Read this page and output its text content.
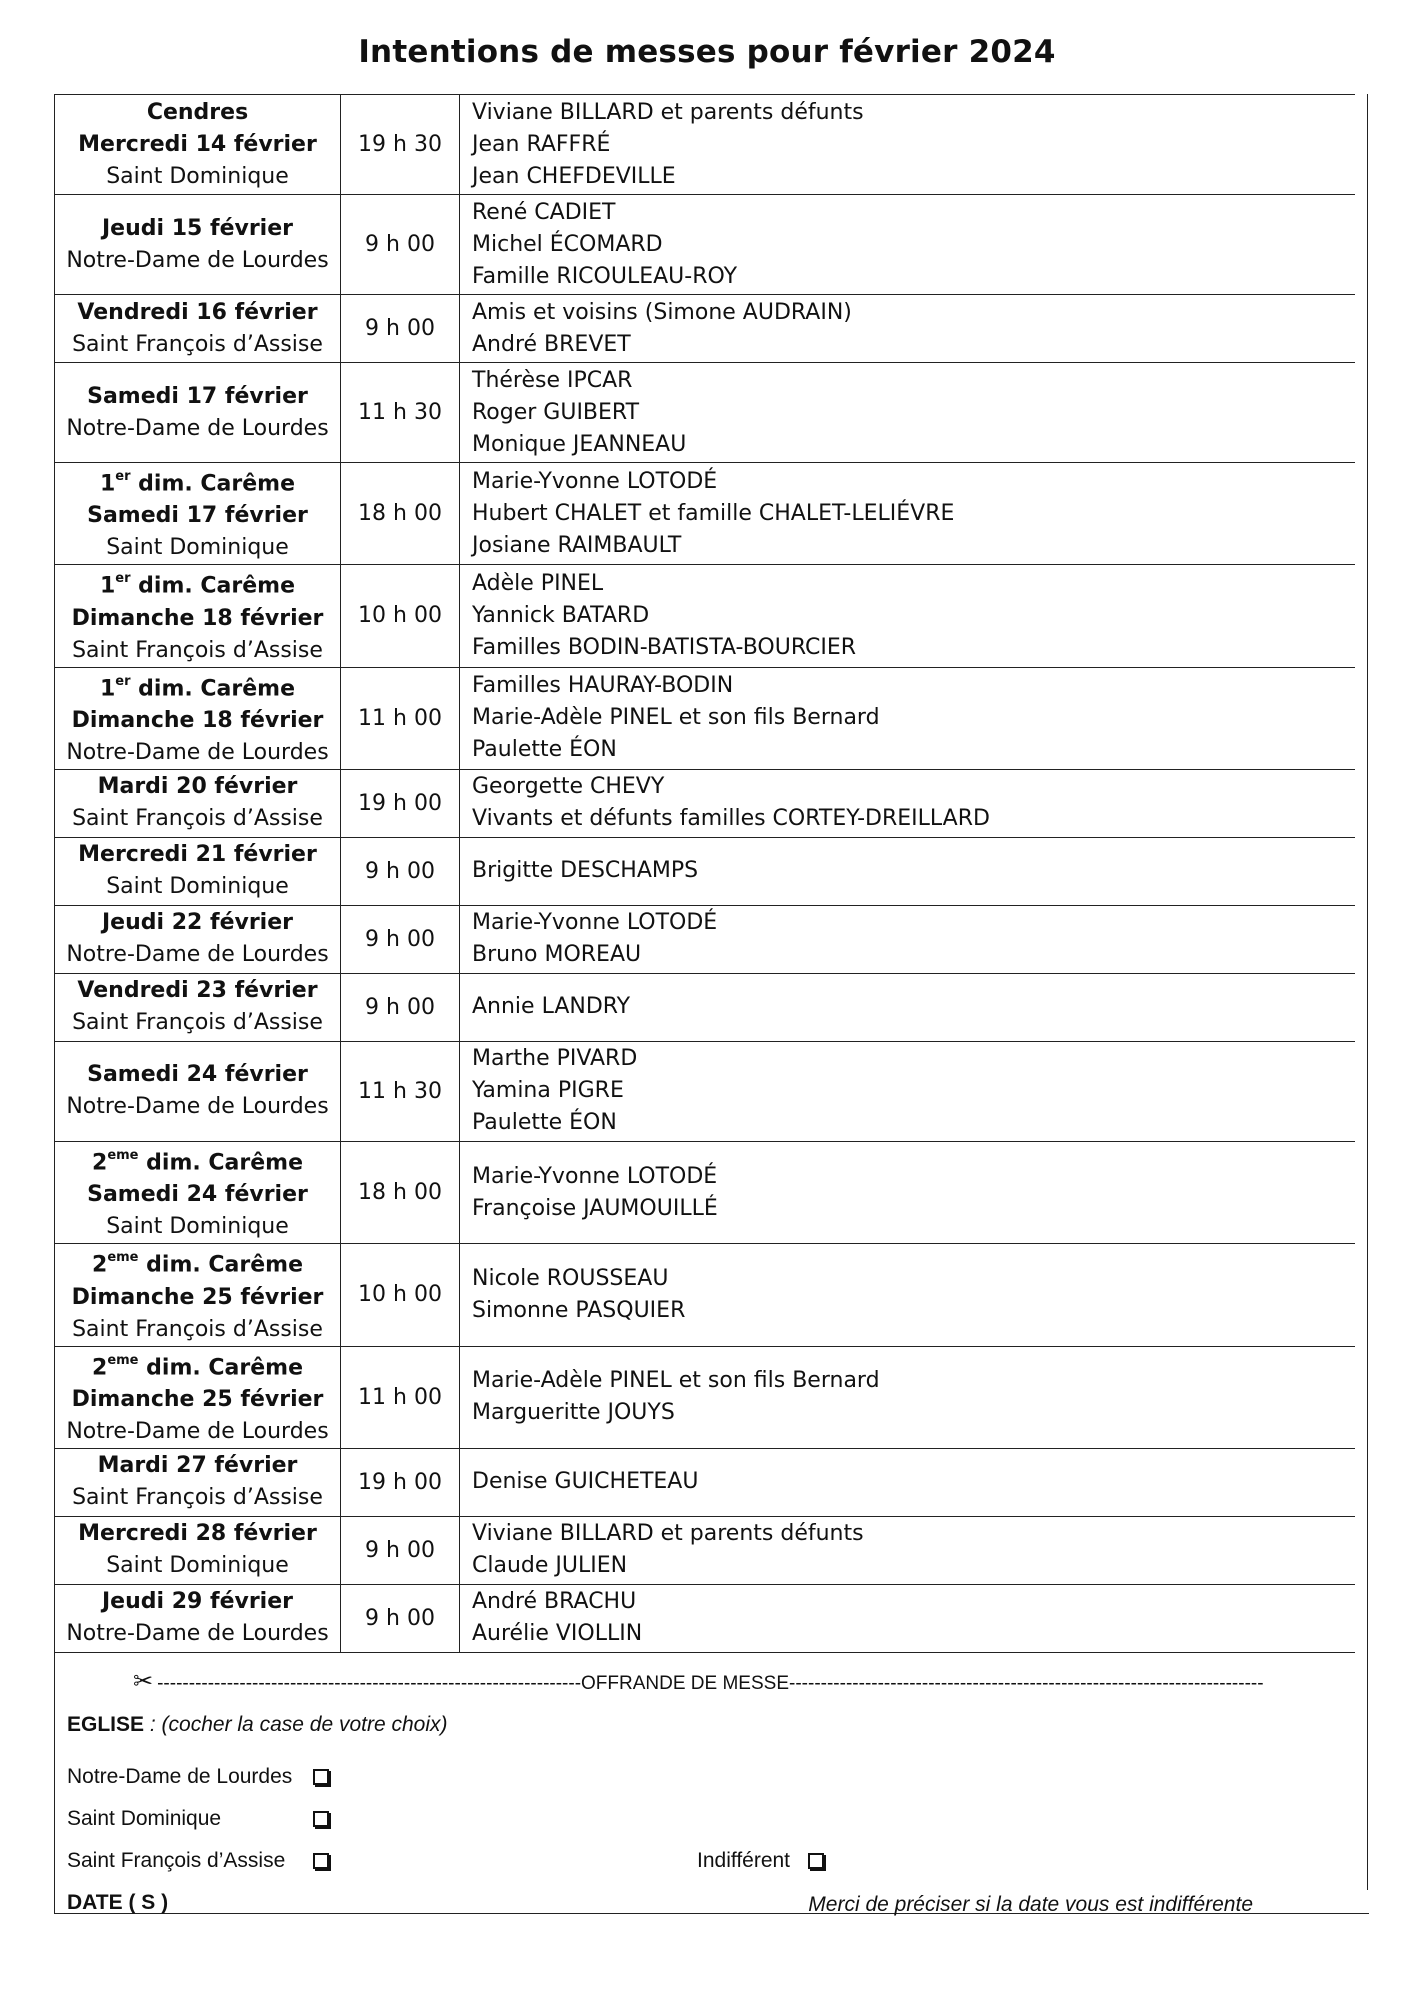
Intentions de messes pour février 2024
Cendres
Mercredi 14 février
Saint Dominique	19 h 30	Viviane BILLARD et parents défunts
Jean RAFFRÉ
Jean CHEFDEVILLE

Jeudi 15 février
Notre-Dame de Lourdes	9 h 00	René CADIET
Michel ÉCOMARD
Famille RICOULEAU-ROY

Vendredi 16 février
Saint François d’Assise	9 h 00	Amis et voisins (Simone AUDRAIN)
André BREVET

Samedi 17 février
Notre-Dame de Lourdes	11 h 30	Thérèse IPCAR
Roger GUIBERT
Monique JEANNEAU

1er dim. Carême
Samedi 17 février
Saint Dominique	18 h 00	Marie-Yvonne LOTODÉ
Hubert CHALET et famille CHALET-LELIÉVRE
Josiane RAIMBAULT

1er dim. Carême
Dimanche 18 février
Saint François d’Assise	10 h 00	Adèle PINEL
Yannick BATARD
Familles BODIN-BATISTA-BOURCIER

1er dim. Carême
Dimanche 18 février
Notre-Dame de Lourdes	11 h 00	Familles HAURAY-BODIN
Marie-Adèle PINEL et son fils Bernard
Paulette ÉON

Mardi 20 février
Saint François d’Assise	19 h 00	Georgette CHEVY
Vivants et défunts familles CORTEY-DREILLARD

Mercredi 21 février
Saint Dominique	9 h 00	Brigitte DESCHAMPS

Jeudi 22 février
Notre-Dame de Lourdes	9 h 00	Marie-Yvonne LOTODÉ
Bruno MOREAU

Vendredi 23 février
Saint François d’Assise	9 h 00	Annie LANDRY

Samedi 24 février
Notre-Dame de Lourdes	11 h 30	Marthe PIVARD
Yamina PIGRE
Paulette ÉON

2eme dim. Carême
Samedi 24 février
Saint Dominique	18 h 00	Marie-Yvonne LOTODÉ
Françoise JAUMOUILLÉ

2eme dim. Carême
Dimanche 25 février
Saint François d’Assise	10 h 00	Nicole ROUSSEAU
Simonne PASQUIER

2eme dim. Carême
Dimanche 25 février
Notre-Dame de Lourdes	11 h 00	Marie-Adèle PINEL et son fils Bernard
Margueritte JOUYS

Mardi 27 février
Saint François d’Assise	19 h 00	Denise GUICHETEAU

Mercredi 28 février
Saint Dominique	9 h 00	Viviane BILLARD et parents défunts
Claude JULIEN

Jeudi 29 février
Notre-Dame de Lourdes	9 h 00	André BRACHU
Aurélie VIOLLIN
✂ -------------------------------------------------------------------OFFRANDE DE MESSE---------------------------------------------------------------------------
EGLISE : (cocher la case de votre choix)
Notre-Dame de Lourdes
Saint Dominique
Saint François d’Assise	Indifférent
DATE ( S )	Merci de préciser si la date vous est indifférente
